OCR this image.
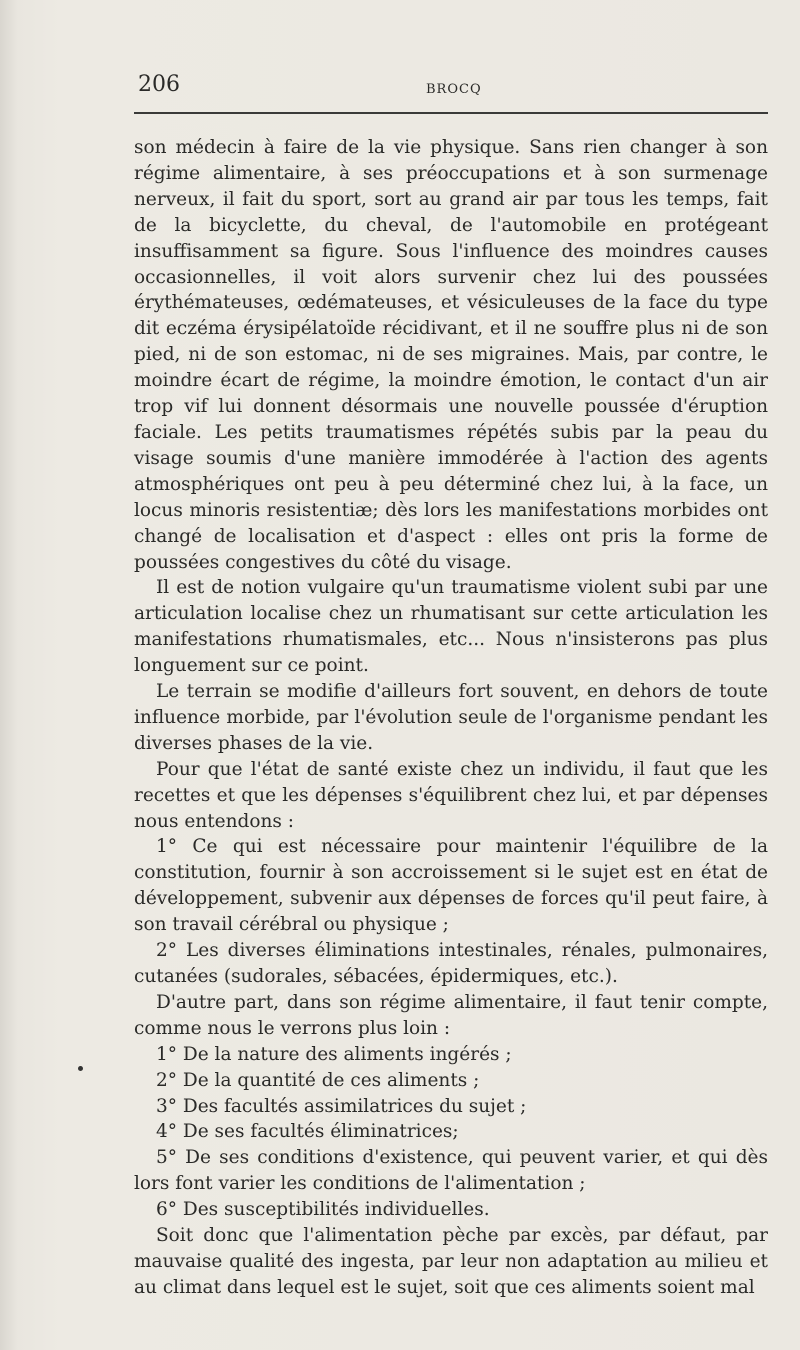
206	BROCQ

son médecin à faire de la vie physique. Sans rien changer à son régime alimentaire, à ses préoccupations et à son surmenage nerveux, il fait du sport, sort au grand air par tous les temps, fait de la bicyclette, du cheval, de l'automobile en protégeant insuffisamment sa figure. Sous l'influence des moindres causes occasionnelles, il voit alors survenir chez lui des poussées érythémateuses, œdémateuses, et vésiculeuses de la face du type dit eczéma érysipélatoïde récidivant, et il ne souffre plus ni de son pied, ni de son estomac, ni de ses migraines. Mais, par contre, le moindre écart de régime, la moindre émotion, le contact d'un air trop vif lui donnent désormais une nouvelle poussée d'éruption faciale. Les petits traumatismes répétés subis par la peau du visage soumis d'une manière immodérée à l'action des agents atmosphériques ont peu à peu déterminé chez lui, à la face, un locus minoris resistentiæ; dès lors les manifestations morbides ont changé de localisation et d'aspect : elles ont pris la forme de poussées congestives du côté du visage.

Il est de notion vulgaire qu'un traumatisme violent subi par une articulation localise chez un rhumatisant sur cette articulation les manifestations rhumatismales, etc... Nous n'insisterons pas plus longuement sur ce point.

Le terrain se modifie d'ailleurs fort souvent, en dehors de toute influence morbide, par l'évolution seule de l'organisme pendant les diverses phases de la vie.

Pour que l'état de santé existe chez un individu, il faut que les recettes et que les dépenses s'équilibrent chez lui, et par dépenses nous entendons :

1° Ce qui est nécessaire pour maintenir l'équilibre de la constitution, fournir à son accroissement si le sujet est en état de développement, subvenir aux dépenses de forces qu'il peut faire, à son travail cérébral ou physique ;

2° Les diverses éliminations intestinales, rénales, pulmonaires, cutanées (sudorales, sébacées, épidermiques, etc.).

D'autre part, dans son régime alimentaire, il faut tenir compte, comme nous le verrons plus loin :

1° De la nature des aliments ingérés ;

2° De la quantité de ces aliments ;

3° Des facultés assimilatrices du sujet ;

4° De ses facultés éliminatrices;

5° De ses conditions d'existence, qui peuvent varier, et qui dès lors font varier les conditions de l'alimentation ;

6° Des susceptibilités individuelles.

Soit donc que l'alimentation pèche par excès, par défaut, par mauvaise qualité des ingesta, par leur non adaptation au milieu et au climat dans lequel est le sujet, soit que ces aliments soient mal
